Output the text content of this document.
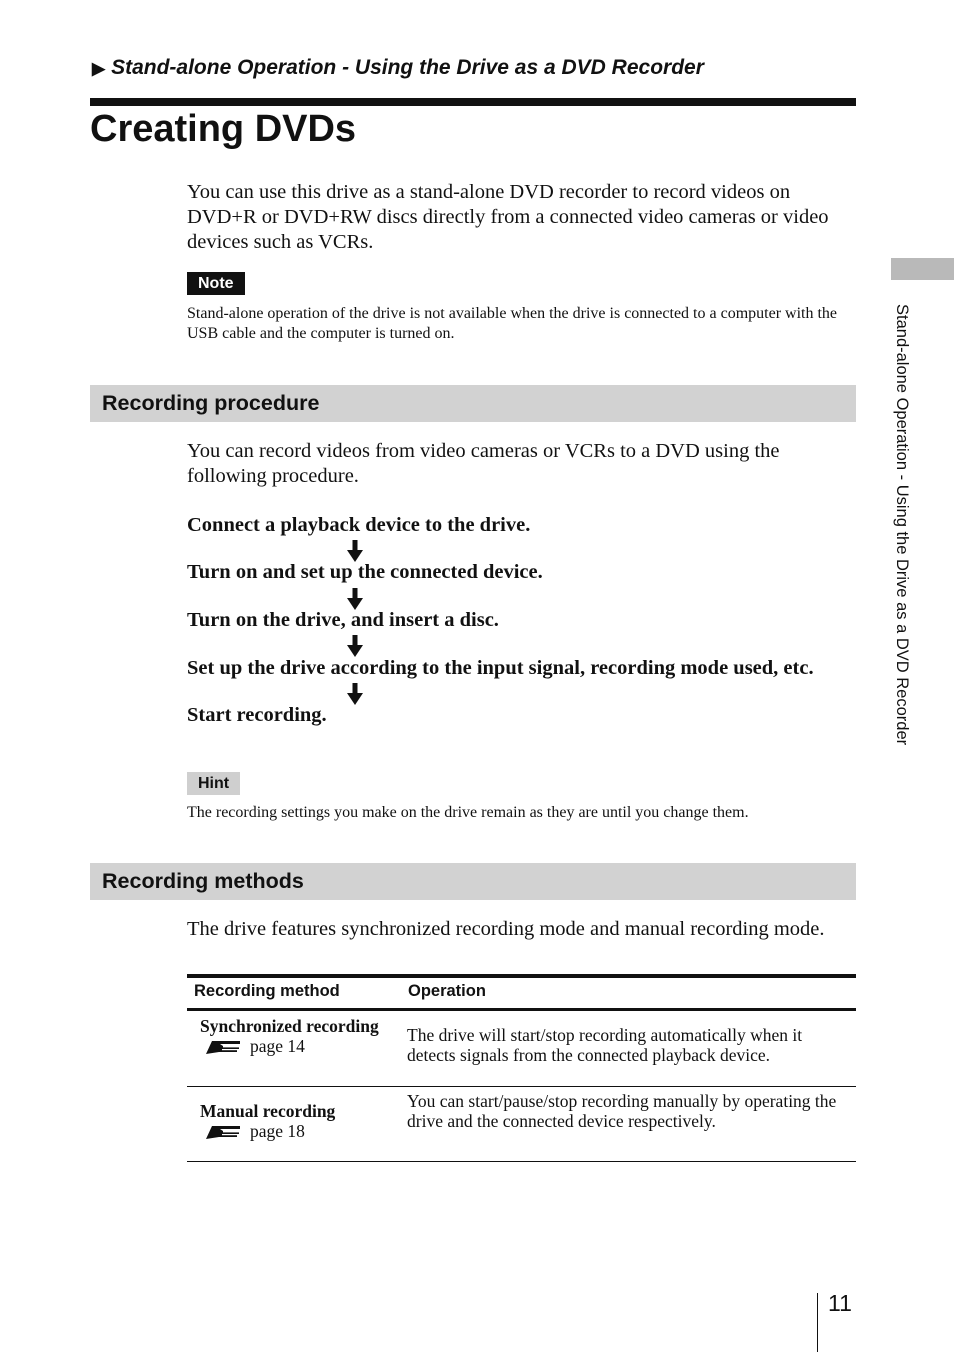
▶ Stand-alone Operation - Using the Drive as a DVD Recorder
Creating DVDs
You can use this drive as a stand-alone DVD recorder to record videos on DVD+R or DVD+RW discs directly from a connected video cameras or video devices such as VCRs.
Note
Stand-alone operation of the drive is not available when the drive is connected to a computer with the USB cable and the computer is turned on.
Recording procedure
You can record videos from video cameras or VCRs to a DVD using the following procedure.
Connect a playback device to the drive.
Turn on and set up the connected device.
Turn on the drive, and insert a disc.
Set up the drive according to the input signal, recording mode used, etc.
Start recording.
Hint
The recording settings you make on the drive remain as they are until you change them.
Recording methods
The drive features synchronized recording mode and manual recording mode.
Recording method	Operation

Synchronized recording
page 14	The drive will start/stop recording automatically when it detects signals from the connected playback device.

Manual recording
page 18	You can start/pause/stop recording manually by operating the drive and the connected device respectively.
Stand-alone Operation - Using the Drive as a DVD Recorder
11
